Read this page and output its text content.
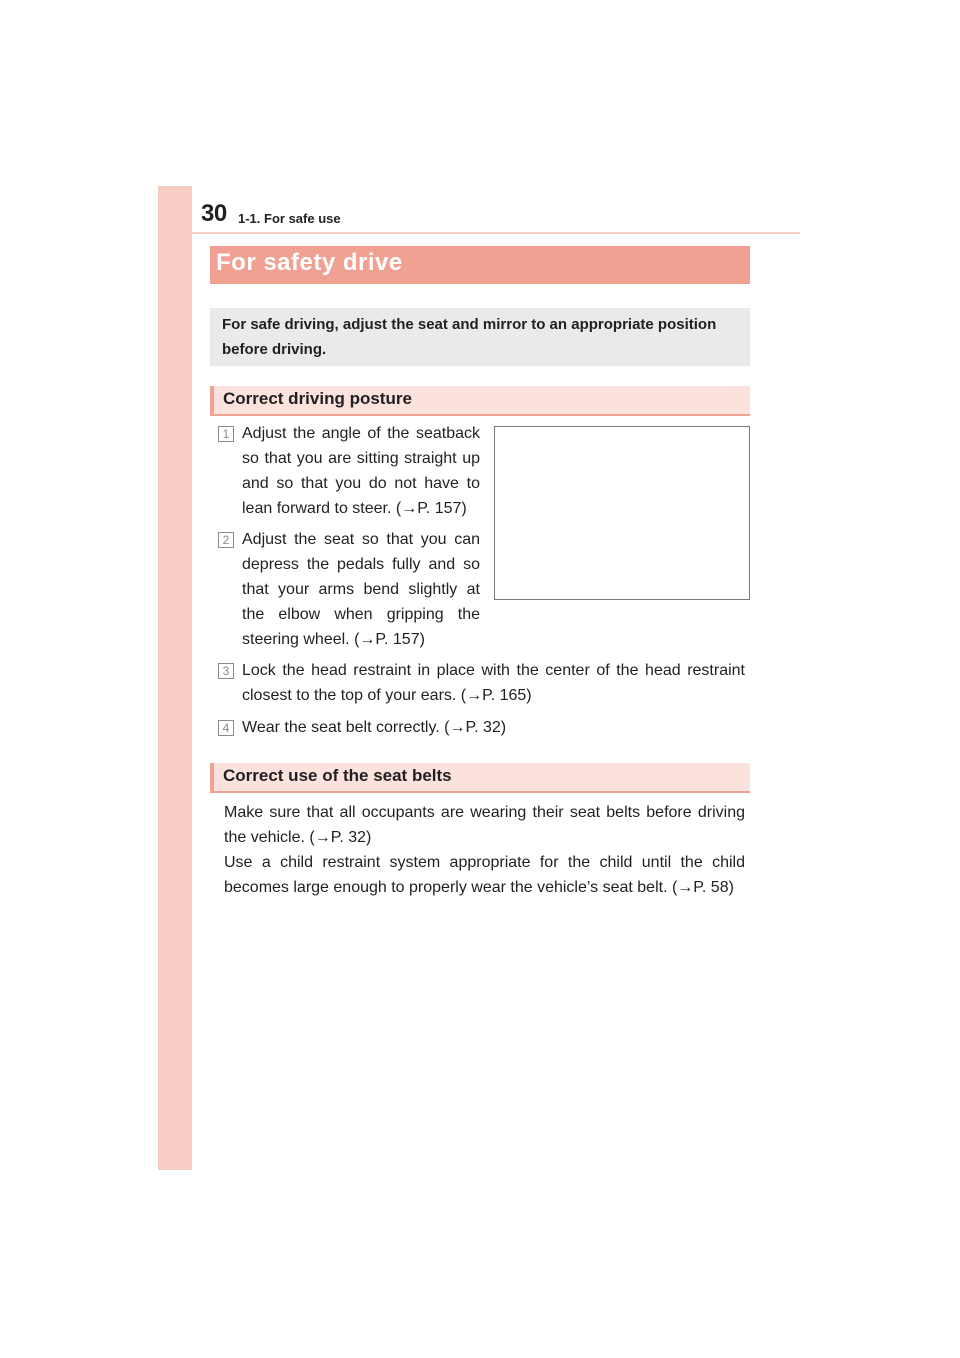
30 1-1. For safe use
For safety drive
For safe driving, adjust the seat and mirror to an appropriate position before driving.
Correct driving posture
1 Adjust the angle of the seatback so that you are sitting straight up and so that you do not have to lean forward to steer. (→P. 157)
2 Adjust the seat so that you can depress the pedals fully and so that your arms bend slightly at the elbow when gripping the steering wheel. (→P. 157)
3 Lock the head restraint in place with the center of the head restraint closest to the top of your ears. (→P. 165)
4 Wear the seat belt correctly. (→P. 32)
Correct use of the seat belts
Make sure that all occupants are wearing their seat belts before driving the vehicle. (→P. 32)
Use a child restraint system appropriate for the child until the child becomes large enough to properly wear the vehicle’s seat belt. (→P. 58)
